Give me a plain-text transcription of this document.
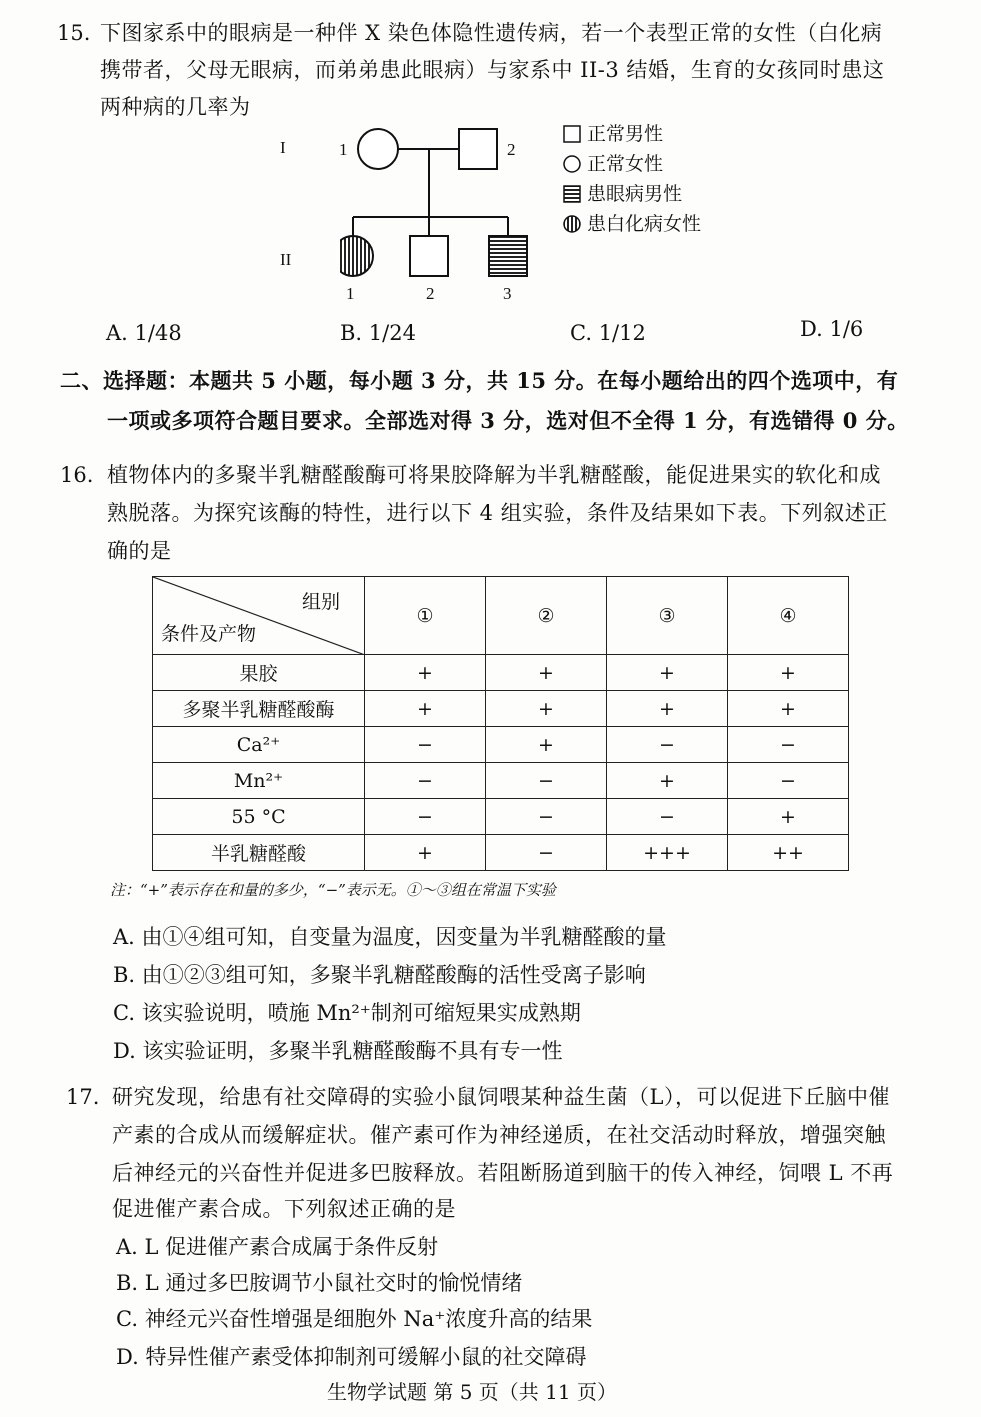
15. 下图家系中的眼病是一种伴 X 染色体隐性遗传病，若一个表型正常的女性（白化病
携带者，父母无眼病，而弟弟患此眼病）与家系中 II-3 结婚，生育的女孩同时患这
两种病的几率为
I
II
1	2
1	2	3
正常男性
正常女性
患眼病男性
患白化病女性
A. 1/48	B. 1/24	C. 1/12	D. 1/6
二、选择题：本题共 5 小题，每小题 3 分，共 15 分。在每小题给出的四个选项中，有
一项或多项符合题目要求。全部选对得 3 分，选对但不全得 1 分，有选错得 0 分。
16. 植物体内的多聚半乳糖醛酸酶可将果胶降解为半乳糖醛酸，能促进果实的软化和成
熟脱落。为探究该酶的特性，进行以下 4 组实验，条件及结果如下表。下列叙述正
确的是
组别
条件及产物	①	②	③	④
果胶	+	+	+	+
多聚半乳糖醛酸酶	+	+	+	+
Ca²⁺	−	+	−	−
Mn²⁺	−	−	+	−
55 °C	−	−	−	+
半乳糖醛酸	+	−	+++	++
注：“+”表示存在和量的多少，“−”表示无。①～③组在常温下实验
A. 由①④组可知，自变量为温度，因变量为半乳糖醛酸的量
B. 由①②③组可知，多聚半乳糖醛酸酶的活性受离子影响
C. 该实验说明，喷施 Mn²⁺制剂可缩短果实成熟期
D. 该实验证明，多聚半乳糖醛酸酶不具有专一性
17. 研究发现，给患有社交障碍的实验小鼠饲喂某种益生菌（L），可以促进下丘脑中催
产素的合成从而缓解症状。催产素可作为神经递质，在社交活动时释放，增强突触
后神经元的兴奋性并促进多巴胺释放。若阻断肠道到脑干的传入神经，饲喂 L 不再
促进催产素合成。下列叙述正确的是
A. L 促进催产素合成属于条件反射
B. L 通过多巴胺调节小鼠社交时的愉悦情绪
C. 神经元兴奋性增强是细胞外 Na⁺浓度升高的结果
D. 特异性催产素受体抑制剂可缓解小鼠的社交障碍
生物学试题 第 5 页（共 11 页）
